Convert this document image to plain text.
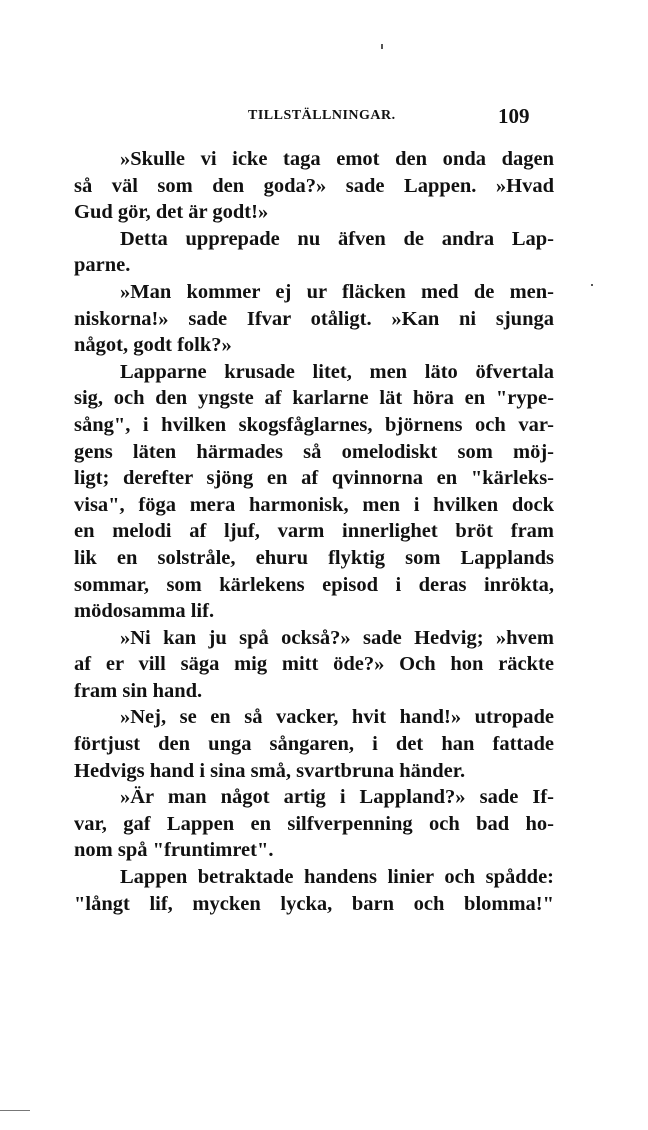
TILLSTÄLLNINGAR.	109
»Skulle vi icke taga emot den onda dagen
så väl som den goda?» sade Lappen. »Hvad
Gud gör, det är godt!»
Detta upprepade nu äfven de andra Lap-
parne.
»Man kommer ej ur fläcken med de men-
niskorna!» sade Ifvar otåligt. »Kan ni sjunga
något, godt folk?»
Lapparne krusade litet, men läto öfvertala
sig, och den yngste af karlarne lät höra en "rype-
sång", i hvilken skogsfåglarnes, björnens och var-
gens läten härmades så omelodiskt som möj-
ligt; derefter sjöng en af qvinnorna en "kärleks-
visa", föga mera harmonisk, men i hvilken dock
en melodi af ljuf, varm innerlighet bröt fram
lik en solstråle, ehuru flyktig som Lapplands
sommar, som kärlekens episod i deras inrökta,
mödosamma lif.
»Ni kan ju spå också?» sade Hedvig; »hvem
af er vill säga mig mitt öde?» Och hon räckte
fram sin hand.
»Nej, se en så vacker, hvit hand!» utropade
förtjust den unga sångaren, i det han fattade
Hedvigs hand i sina små, svartbruna händer.
»Är man något artig i Lappland?» sade If-
var, gaf Lappen en silfverpenning och bad ho-
nom spå "fruntimret".
Lappen betraktade handens linier och spådde:
"långt lif, mycken lycka, barn och blomma!"
